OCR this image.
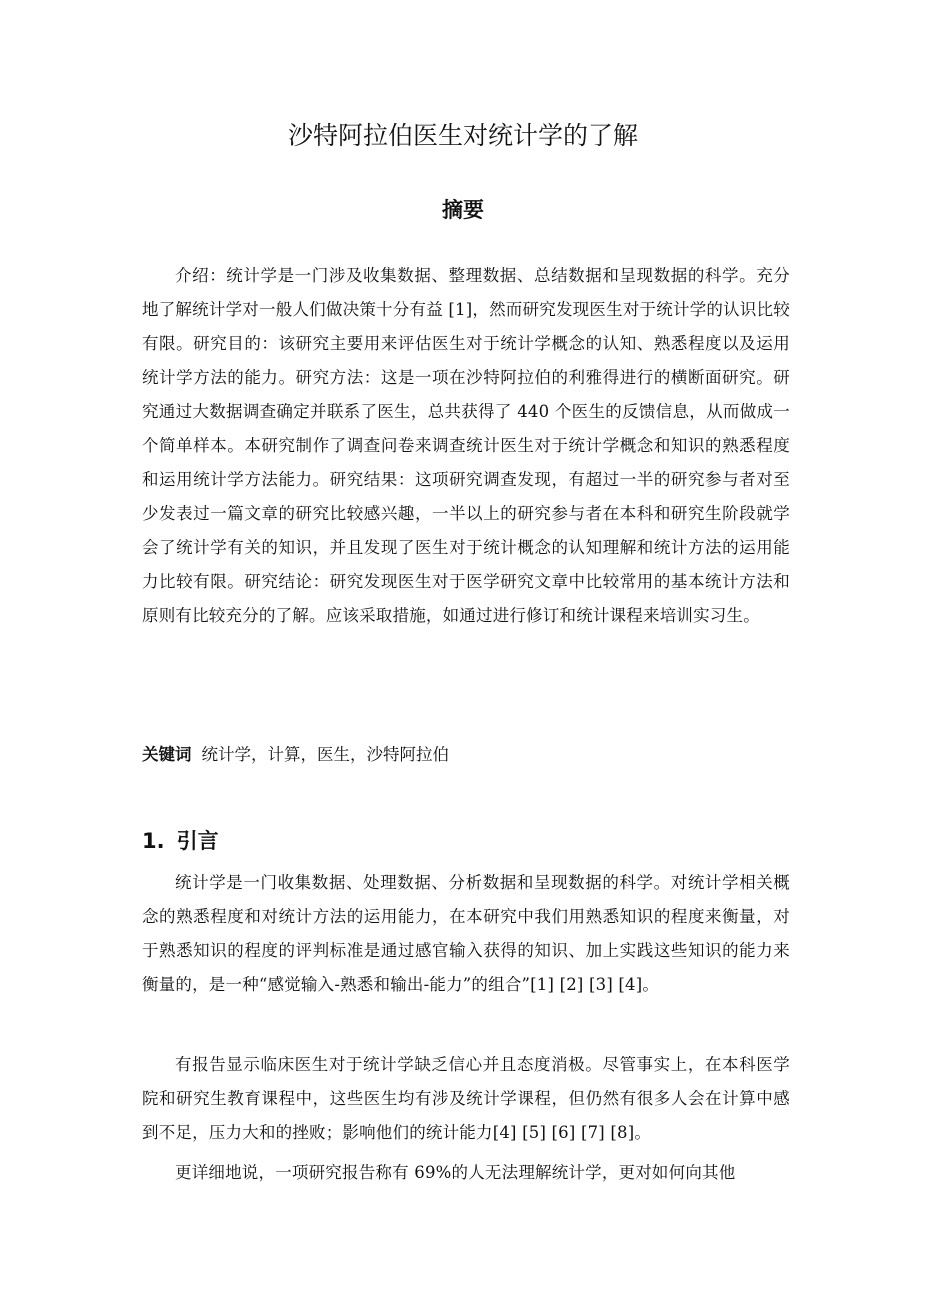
沙特阿拉伯医生对统计学的了解
摘要

介绍：统计学是一门涉及收集数据、整理数据、总结数据和呈现数据的科学。充分地了解统计学对一般人们做决策十分有益 [1]，然而研究发现医生对于统计学的认识比较有限。研究目的：该研究主要用来评估医生对于统计学概念的认知、熟悉程度以及运用统计学方法的能力。研究方法：这是一项在沙特阿拉伯的利雅得进行的横断面研究。研究通过大数据调查确定并联系了医生，总共获得了 440 个医生的反馈信息，从而做成一个简单样本。本研究制作了调查问卷来调查统计医生对于统计学概念和知识的熟悉程度和运用统计学方法能力。研究结果：这项研究调查发现，有超过一半的研究参与者对至少发表过一篇文章的研究比较感兴趣，一半以上的研究参与者在本科和研究生阶段就学会了统计学有关的知识，并且发现了医生对于统计概念的认知理解和统计方法的运用能力比较有限。研究结论：研究发现医生对于医学研究文章中比较常用的基本统计方法和原则有比较充分的了解。应该采取措施，如通过进行修订和统计课程来培训实习生。

关键词 统计学，计算，医生，沙特阿拉伯

1. 引言

统计学是一门收集数据、处理数据、分析数据和呈现数据的科学。对统计学相关概念的熟悉程度和对统计方法的运用能力，在本研究中我们用熟悉知识的程度来衡量，对于熟悉知识的程度的评判标准是通过感官输入获得的知识、加上实践这些知识的能力来衡量的，是一种“感觉输入-熟悉和输出-能力”的组合”[1] [2] [3] [4]。

有报告显示临床医生对于统计学缺乏信心并且态度消极。尽管事实上，在本科医学院和研究生教育课程中，这些医生均有涉及统计学课程，但仍然有很多人会在计算中感到不足，压力大和的挫败；影响他们的统计能力[4] [5] [6] [7] [8]。

更详细地说，一项研究报告称有 69%的人无法理解统计学，更对如何向其他
